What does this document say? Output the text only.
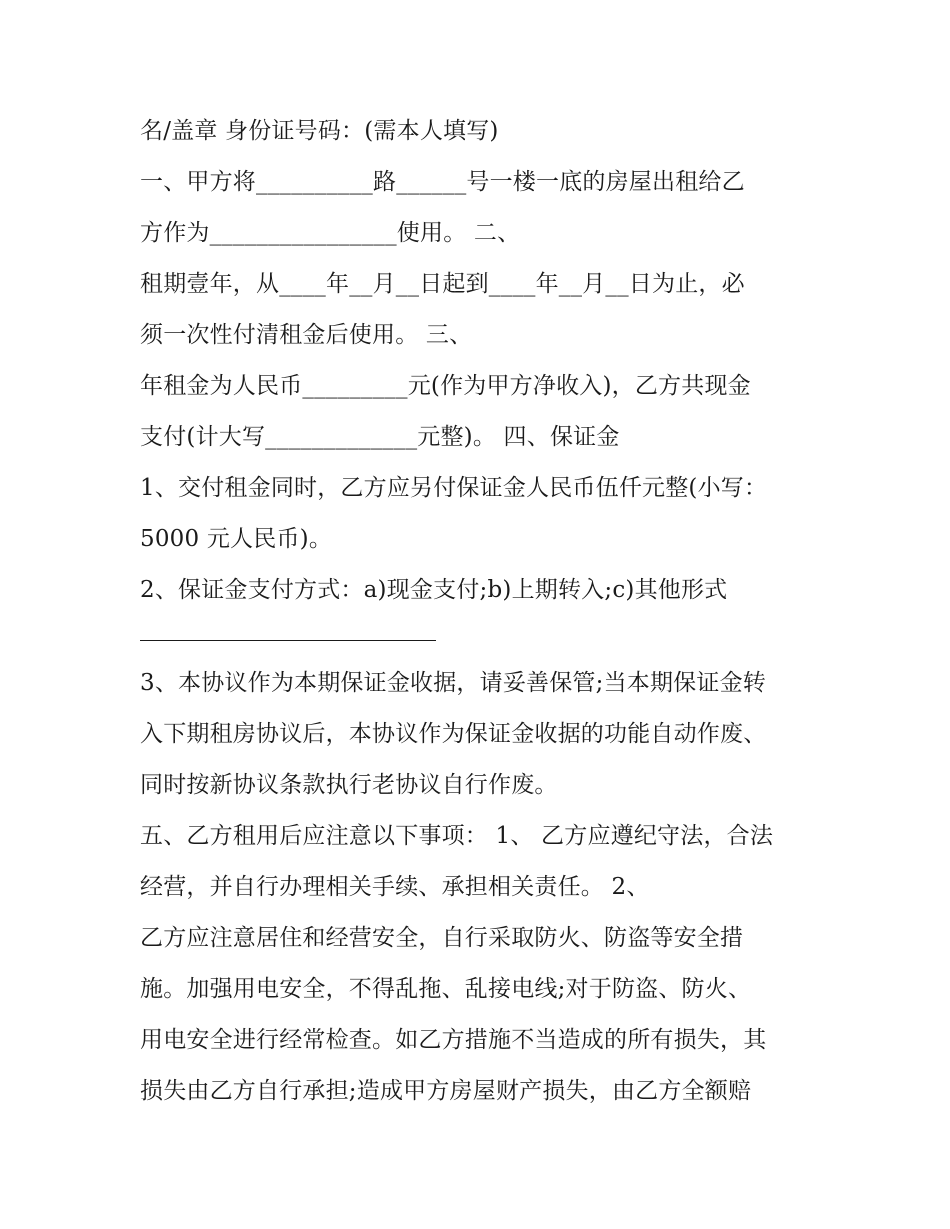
名/盖章 身份证号码：(需本人填写)
一、甲方将__________路______号一楼一底的房屋出租给乙
方作为________________使用。 二、
租期壹年，从____年__月__日起到____年__月__日为止，必
须一次性付清租金后使用。 三、
年租金为人民币_________元(作为甲方净收入)，乙方共现金
支付(计大写_____________元整)。 四、保证金
1、交付租金同时，乙方应另付保证金人民币伍仟元整(小写：
5000 元人民币)。
2、保证金支付方式：a)现金支付;b)上期转入;c)其他形式
3、本协议作为本期保证金收据，请妥善保管;当本期保证金转
入下期租房协议后，本协议作为保证金收据的功能自动作废、
同时按新协议条款执行老协议自行作废。
五、乙方租用后应注意以下事项： 1、 乙方应遵纪守法，合法
经营，并自行办理相关手续、承担相关责任。 2、
乙方应注意居住和经营安全，自行采取防火、防盗等安全措
施。加强用电安全，不得乱拖、乱接电线;对于防盗、防火、
用电安全进行经常检查。如乙方措施不当造成的所有损失，其
损失由乙方自行承担;造成甲方房屋财产损失，由乙方全额赔
